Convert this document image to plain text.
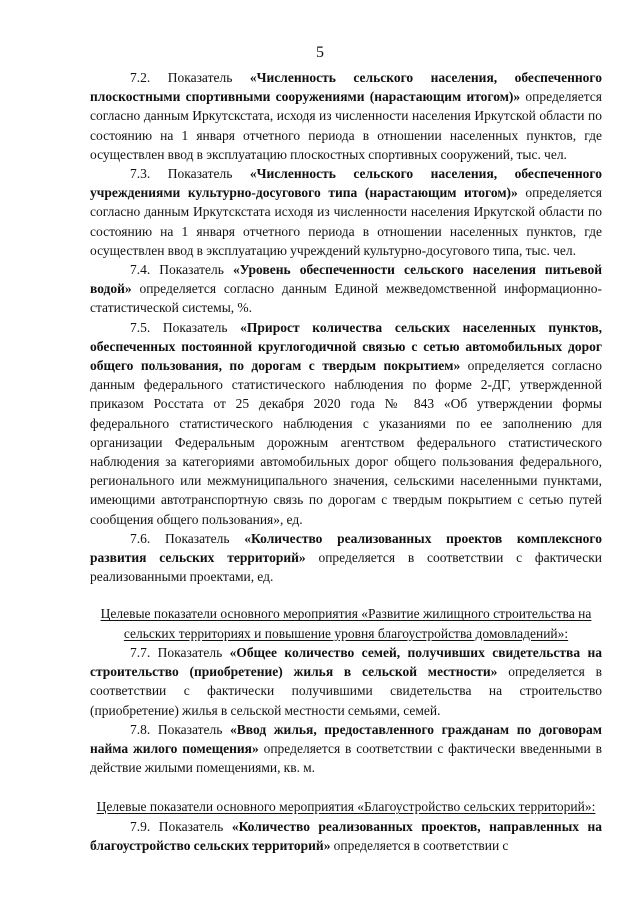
5

7.2. Показатель «Численность сельского населения, обеспеченного плоскостными спортивными сооружениями (нарастающим итогом)» определяется согласно данным Иркутскстата, исходя из численности населения Иркутской области по состоянию на 1 января отчетного периода в отношении населенных пунктов, где осуществлен ввод в эксплуатацию плоскостных спортивных сооружений, тыс. чел.

7.3. Показатель «Численность сельского населения, обеспеченного учреждениями культурно-досугового типа (нарастающим итогом)» определяется согласно данным Иркутскстата исходя из численности населения Иркутской области по состоянию на 1 января отчетного периода в отношении населенных пунктов, где осуществлен ввод в эксплуатацию учреждений культурно-досугового типа, тыс. чел.

7.4. Показатель «Уровень обеспеченности сельского населения питьевой водой» определяется согласно данным Единой межведомственной информационно-статистической системы, %.

7.5. Показатель «Прирост количества сельских населенных пунктов, обеспеченных постоянной круглогодичной связью с сетью автомобильных дорог общего пользования, по дорогам с твердым покрытием» определяется согласно данным федерального статистического наблюдения по форме 2-ДГ, утвержденной приказом Росстата от 25 декабря 2020 года № 843 «Об утверждении формы федерального статистического наблюдения с указаниями по ее заполнению для организации Федеральным дорожным агентством федерального статистического наблюдения за категориями автомобильных дорог общего пользования федерального, регионального или межмуниципального значения, сельскими населенными пунктами, имеющими автотранспортную связь по дорогам с твердым покрытием с сетью путей сообщения общего пользования», ед.

7.6. Показатель «Количество реализованных проектов комплексного развития сельских территорий» определяется в соответствии с фактически реализованными проектами, ед.

Целевые показатели основного мероприятия «Развитие жилищного строительства на сельских территориях и повышение уровня благоустройства домовладений»:

7.7. Показатель «Общее количество семей, получивших свидетельства на строительство (приобретение) жилья в сельской местности» определяется в соответствии с фактически получившими свидетельства на строительство (приобретение) жилья в сельской местности семьями, семей.

7.8. Показатель «Ввод жилья, предоставленного гражданам по договорам найма жилого помещения» определяется в соответствии с фактически введенными в действие жилыми помещениями, кв. м.

Целевые показатели основного мероприятия «Благоустройство сельских территорий»:

7.9. Показатель «Количество реализованных проектов, направленных на благоустройство сельских территорий» определяется в соответствии с
